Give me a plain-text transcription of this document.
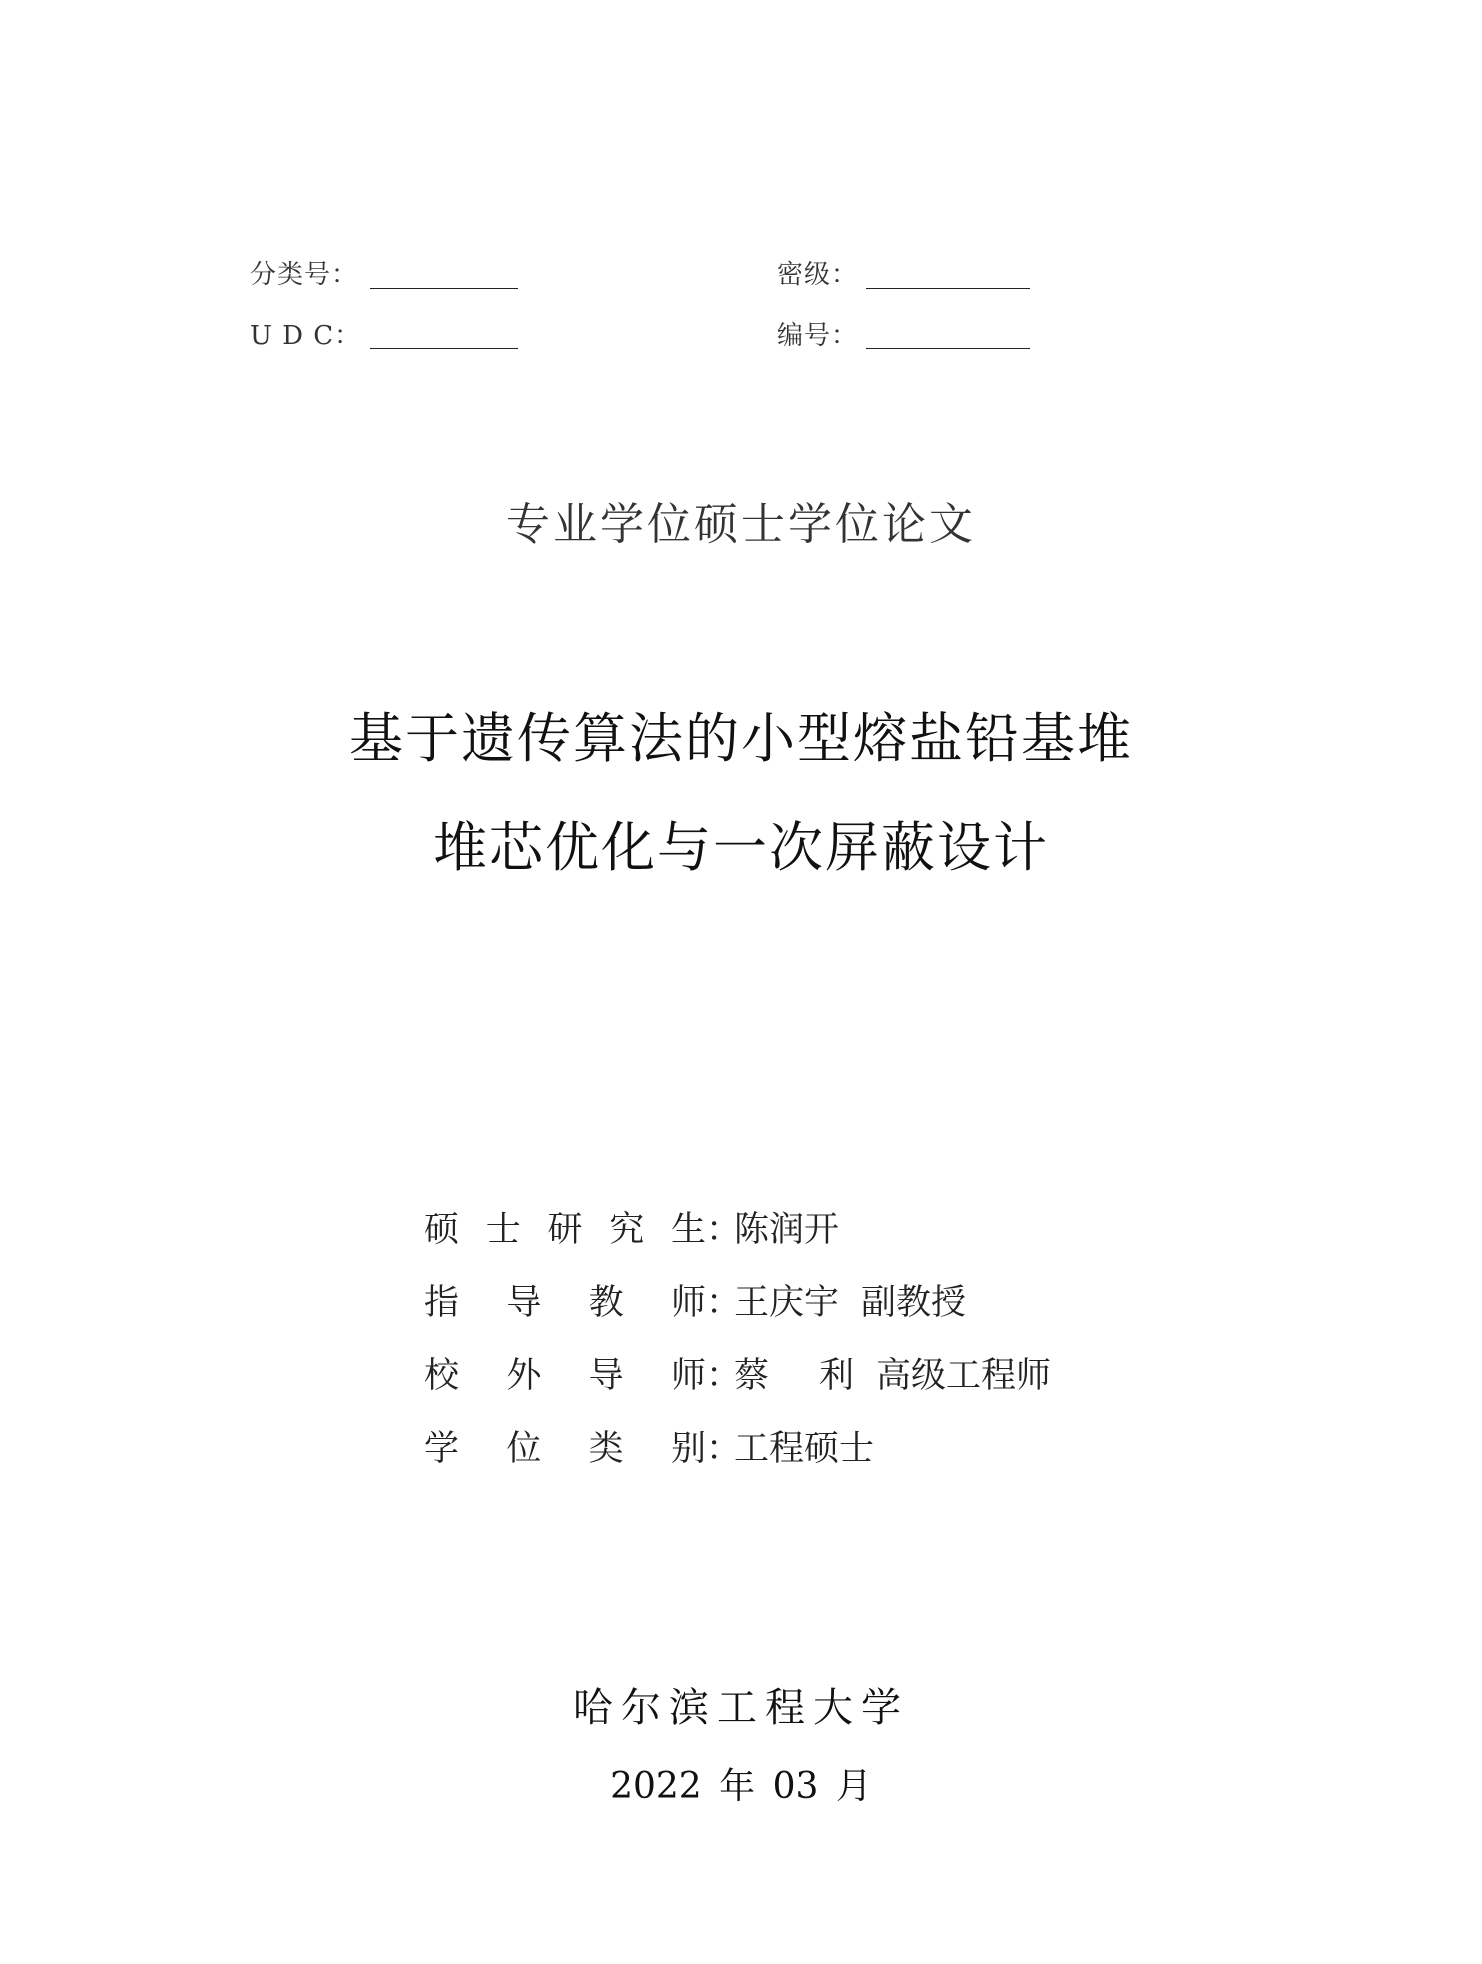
分类号：	密级：
U D C：	编号：
专业学位硕士学位论文
基于遗传算法的小型熔盐铅基堆
堆芯优化与一次屏蔽设计
硕 士 研 究 生 ：
陈润开
指 导 教 师 ：
王庆宇 副教授
校 外 导 师 ：
蔡 利 高级工程师
学 位 类 别 ：
工程硕士
哈尔滨工程大学
2022 年 03 月
